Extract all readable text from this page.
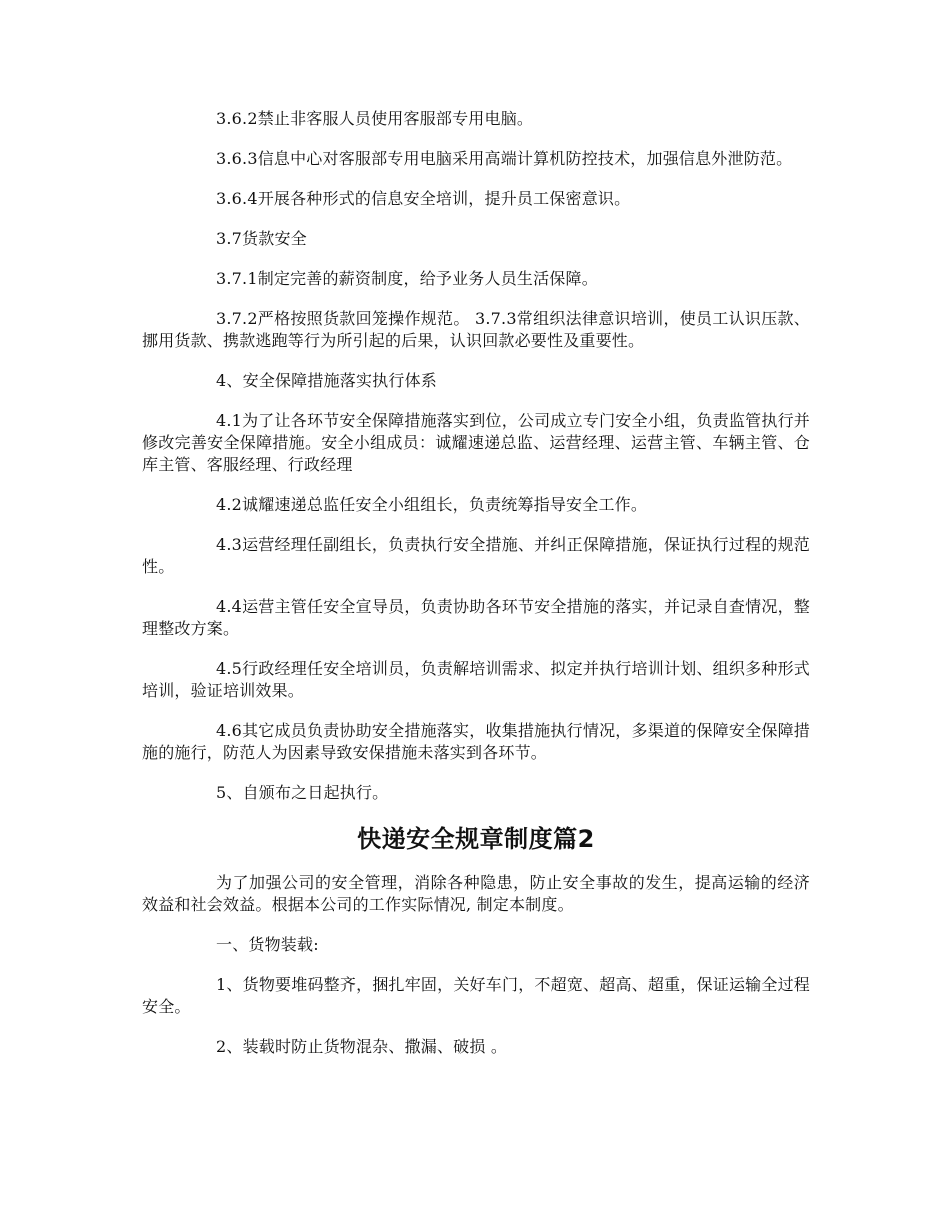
3.6.2禁止非客服人员使用客服部专用电脑。

3.6.3信息中心对客服部专用电脑采用高端计算机防控技术，加强信息外泄防范。

3.6.4开展各种形式的信息安全培训，提升员工保密意识。

3.7货款安全

3.7.1制定完善的薪资制度，给予业务人员生活保障。

3.7.2严格按照货款回笼操作规范。 3.7.3常组织法律意识培训，使员工认识压款、挪用货款、携款逃跑等行为所引起的后果，认识回款必要性及重要性。

4、安全保障措施落实执行体系

4.1为了让各环节安全保障措施落实到位，公司成立专门安全小组，负责监管执行并修改完善安全保障措施。安全小组成员：诚耀速递总监、运营经理、运营主管、车辆主管、仓库主管、客服经理、行政经理

4.2诚耀速递总监任安全小组组长，负责统筹指导安全工作。

4.3运营经理任副组长，负责执行安全措施、并纠正保障措施，保证执行过程的规范性。

4.4运营主管任安全宣导员，负责协助各环节安全措施的落实，并记录自查情况，整理整改方案。

4.5行政经理任安全培训员，负责解培训需求、拟定并执行培训计划、组织多种形式培训，验证培训效果。

4.6其它成员负责协助安全措施落实，收集措施执行情况，多渠道的保障安全保障措施的施行，防范人为因素导致安保措施未落实到各环节。

5、自颁布之日起执行。

快递安全规章制度篇2

为了加强公司的安全管理，消除各种隐患，防止安全事故的发生，提高运输的经济效益和社会效益。根据本公司的工作实际情况, 制定本制度。

一、货物装载:

1、货物要堆码整齐，捆扎牢固，关好车门，不超宽、超高、超重，保证运输全过程安全。

2、装载时防止货物混杂、撒漏、破损 。
